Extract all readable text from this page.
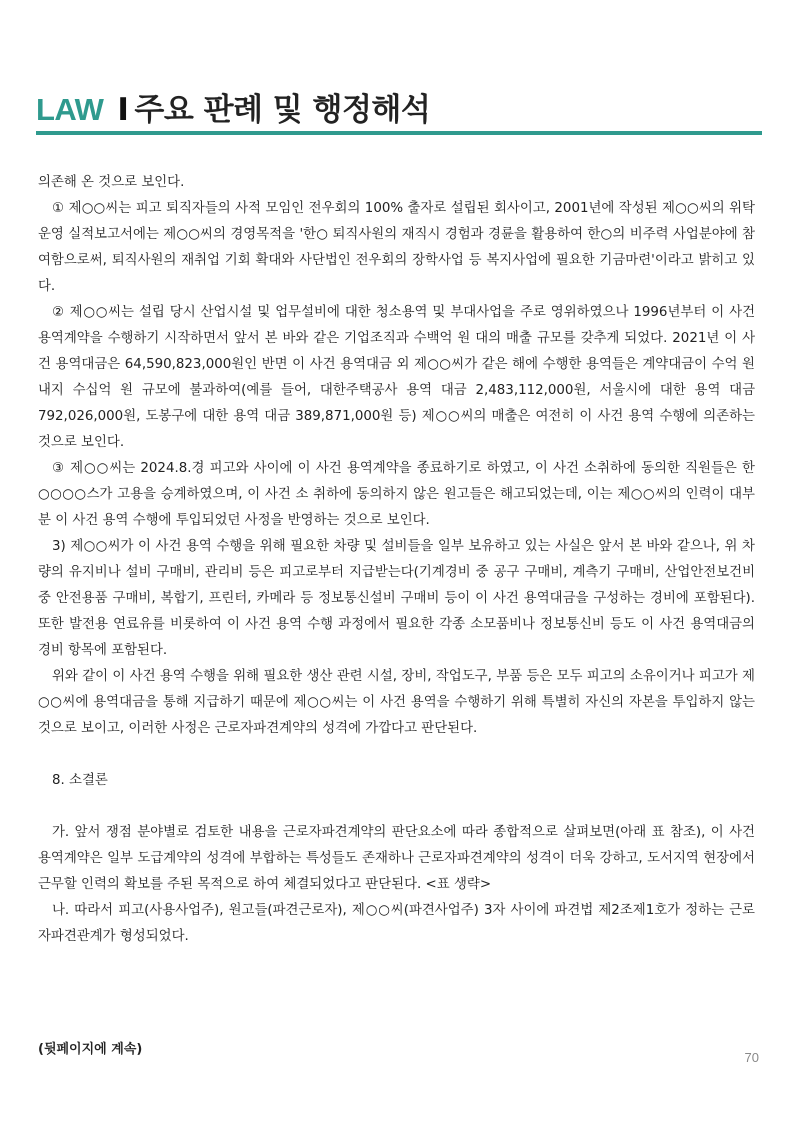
LAW I 주요 판례 및 행정해석

의존해 온 것으로 보인다.

① 제○○씨는 피고 퇴직자들의 사적 모임인 전우회의 100% 출자로 설립된 회사이고, 2001년에 작성된 제○○씨의 위탁운영 실적보고서에는 제○○씨의 경영목적을 '한○ 퇴직사원의 재직시 경험과 경륜을 활용하여 한○의 비주력 사업분야에 참여함으로써, 퇴직사원의 재취업 기회 확대와 사단법인 전우회의 장학사업 등 복지사업에 필요한 기금마련'이라고 밝히고 있다.

② 제○○씨는 설립 당시 산업시설 및 업무설비에 대한 청소용역 및 부대사업을 주로 영위하였으나 1996년부터 이 사건 용역계약을 수행하기 시작하면서 앞서 본 바와 같은 기업조직과 수백억 원 대의 매출 규모를 갖추게 되었다. 2021년 이 사건 용역대금은 64,590,823,000원인 반면 이 사건 용역대금 외 제○○씨가 같은 해에 수행한 용역들은 계약대금이 수억 원 내지 수십억 원 규모에 불과하여(예를 들어, 대한주택공사 용역 대금 2,483,112,000원, 서울시에 대한 용역 대금 792,026,000원, 도봉구에 대한 용역 대금 389,871,000원 등) 제○○씨의 매출은 여전히 이 사건 용역 수행에 의존하는 것으로 보인다.

③ 제○○씨는 2024.8.경 피고와 사이에 이 사건 용역계약을 종료하기로 하였고, 이 사건 소취하에 동의한 직원들은 한○○○○스가 고용을 승계하였으며, 이 사건 소 취하에 동의하지 않은 원고들은 해고되었는데, 이는 제○○씨의 인력이 대부분 이 사건 용역 수행에 투입되었던 사정을 반영하는 것으로 보인다.

3) 제○○씨가 이 사건 용역 수행을 위해 필요한 차량 및 설비들을 일부 보유하고 있는 사실은 앞서 본 바와 같으나, 위 차량의 유지비나 설비 구매비, 관리비 등은 피고로부터 지급받는다(기계경비 중 공구 구매비, 계측기 구매비, 산업안전보건비 중 안전용품 구매비, 복합기, 프린터, 카메라 등 정보통신설비 구매비 등이 이 사건 용역대금을 구성하는 경비에 포함된다). 또한 발전용 연료유를 비롯하여 이 사건 용역 수행 과정에서 필요한 각종 소모품비나 정보통신비 등도 이 사건 용역대금의 경비 항목에 포함된다.

위와 같이 이 사건 용역 수행을 위해 필요한 생산 관련 시설, 장비, 작업도구, 부품 등은 모두 피고의 소유이거나 피고가 제○○씨에 용역대금을 통해 지급하기 때문에 제○○씨는 이 사건 용역을 수행하기 위해 특별히 자신의 자본을 투입하지 않는 것으로 보이고, 이러한 사정은 근로자파견계약의 성격에 가깝다고 판단된다.

8. 소결론

가. 앞서 쟁점 분야별로 검토한 내용을 근로자파견계약의 판단요소에 따라 종합적으로 살펴보면(아래 표 참조), 이 사건 용역계약은 일부 도급계약의 성격에 부합하는 특성들도 존재하나 근로자파견계약의 성격이 더욱 강하고, 도서지역 현장에서 근무할 인력의 확보를 주된 목적으로 하여 체결되었다고 판단된다. <표 생략>

나. 따라서 피고(사용사업주), 원고들(파견근로자), 제○○씨(파견사업주) 3자 사이에 파견법 제2조제1호가 정하는 근로자파견관계가 형성되었다.

(뒷페이지에 계속)
70
